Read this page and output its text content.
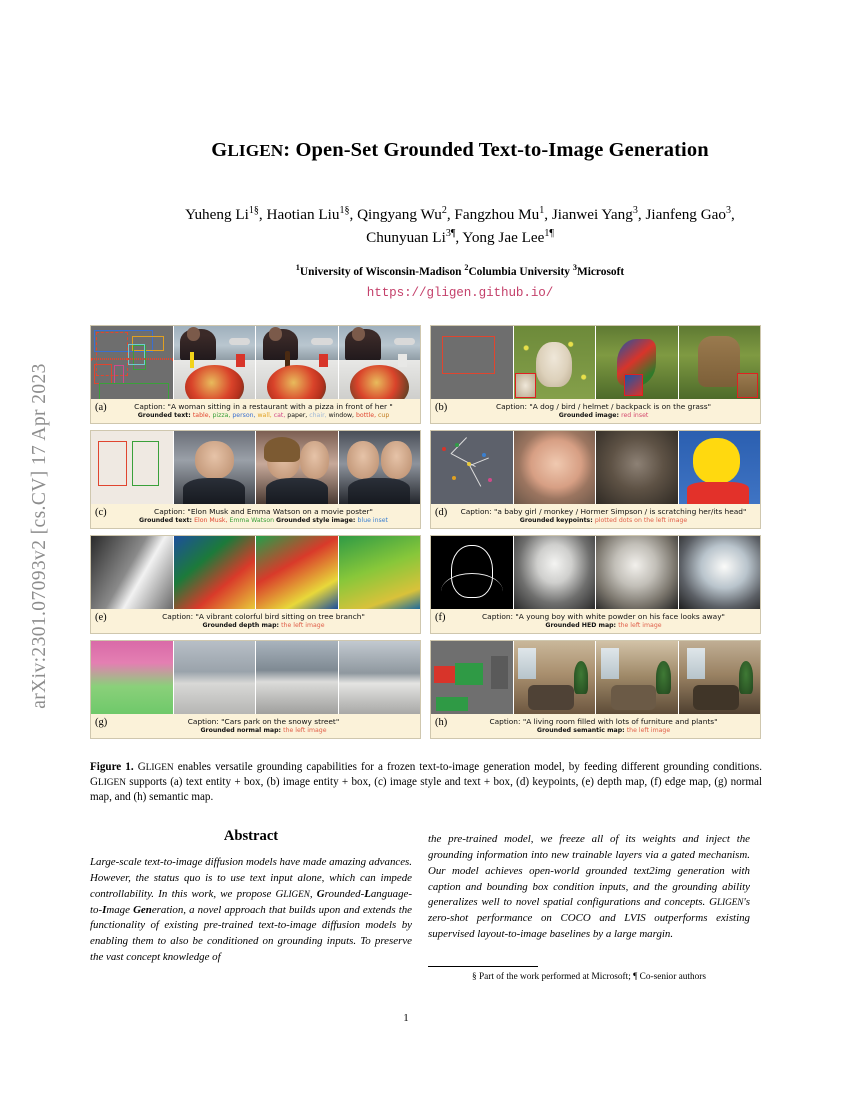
arXiv:2301.07093v2 [cs.CV] 17 Apr 2023
GLIGEN: Open-Set Grounded Text-to-Image Generation

Yuheng $Li^{1\S}$, Haotian Liu$^{1\S}$, Qingyang Wu$^2$, Fangzhou Mu$^1$, Jianwei Yang$^3$, Jianfeng Gao$^3$,

Chunyuan $Li^{3\P}$, Yong Jae Lee$^{1\P}$

$^1$University of Wisconsin-Madison $^2$Columbia University $^3$Microsoft

https://gligen.github.io/

(a)	Caption: "A woman sitting in a restaurant with a pizza in front of her "
Grounded text: table, pizza, person, wall, cat, paper, chair, window, bottle, cup
(b)	Caption: "A dog / bird / helmet / backpack is on the grass"
Grounded image: red inset
(c)	Caption: "Elon Musk and Emma Watson on a movie poster"
Grounded text: Elon Musk, Emma Watson Grounded style image: blue inset
(d)	Caption: "a baby girl / monkey / Hormer Simpson / is scratching her/its head"
Grounded keypoints: plotted dots on the left image
(e)	Caption: "A vibrant colorful bird sitting on tree branch"
Grounded depth map: the left image
(f)	Caption: "A young boy with white powder on his face looks away"
Grounded HED map: the left image
(g)	Caption: "Cars park on the snowy street"
Grounded normal map: the left image
(h)	Caption: "A living room filled with lots of furniture and plants"
Grounded semantic map: the left image
Figure 1. GLIGEN enables versatile grounding capabilities for a frozen text-to-image generation model, by feeding different grounding conditions. GLIGEN supports (a) text entity + box, (b) image entity + box, (c) image style and text + box, (d) keypoints, (e) depth map, (f) edge map, (g) normal map, and (h) semantic map.
Abstract
Large-scale text-to-image diffusion models have made amazing advances. However, the status quo is to use text input alone, which can impede controllability. In this work, we propose GLIGEN, Grounded-Language-to-Image Generation, a novel approach that builds upon and extends the functionality of existing pre-trained text-to-image diffusion models by enabling them to also be conditioned on grounding inputs. To preserve the vast concept knowledge of
the pre-trained model, we freeze all of its weights and inject the grounding information into new trainable layers via a gated mechanism. Our model achieves open-world grounded text2img generation with caption and bounding box condition inputs, and the grounding ability generalizes well to novel spatial configurations and concepts. GLIGEN's zero-shot performance on COCO and LVIS outperforms existing supervised layout-to-image baselines by a large margin.
§ Part of the work performed at Microsoft; ¶ Co-senior authors
1
